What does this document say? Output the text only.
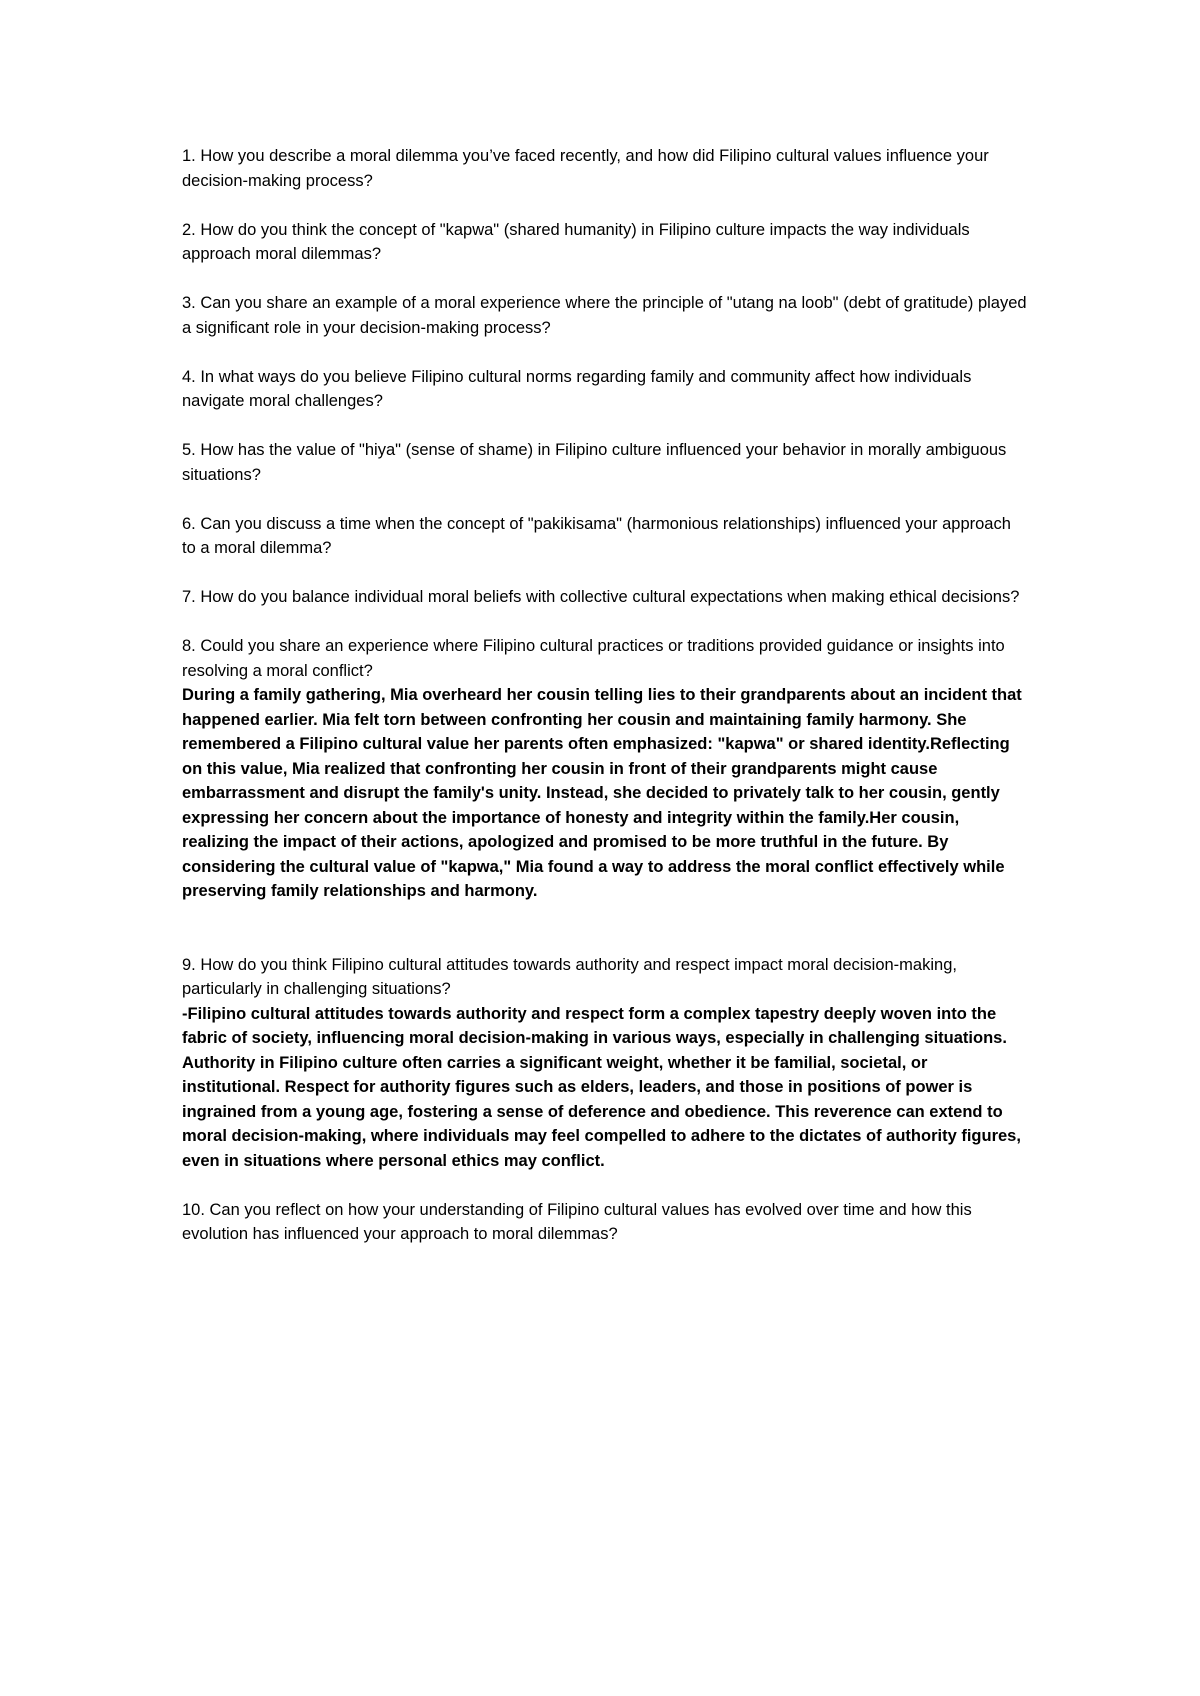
1. How you describe a moral dilemma you’ve faced recently, and how did Filipino cultural values influence your decision-making process?

2. How do you think the concept of "kapwa" (shared humanity) in Filipino culture impacts the way individuals approach moral dilemmas?

3. Can you share an example of a moral experience where the principle of "utang na loob" (debt of gratitude) played a significant role in your decision-making process?

4. In what ways do you believe Filipino cultural norms regarding family and community affect how individuals navigate moral challenges?

5. How has the value of "hiya" (sense of shame) in Filipino culture influenced your behavior in morally ambiguous situations?

6. Can you discuss a time when the concept of "pakikisama" (harmonious relationships) influenced your approach to a moral dilemma?

7. How do you balance individual moral beliefs with collective cultural expectations when making ethical decisions?

8. Could you share an experience where Filipino cultural practices or traditions provided guidance or insights into resolving a moral conflict?

During a family gathering, Mia overheard her cousin telling lies to their grandparents about an incident that happened earlier. Mia felt torn between confronting her cousin and maintaining family harmony. She remembered a Filipino cultural value her parents often emphasized: "kapwa" or shared identity.Reflecting on this value, Mia realized that confronting her cousin in front of their grandparents might cause embarrassment and disrupt the family's unity. Instead, she decided to privately talk to her cousin, gently expressing her concern about the importance of honesty and integrity within the family.Her cousin, realizing the impact of their actions, apologized and promised to be more truthful in the future. By considering the cultural value of "kapwa," Mia found a way to address the moral conflict effectively while preserving family relationships and harmony.

9. How do you think Filipino cultural attitudes towards authority and respect impact moral decision-making, particularly in challenging situations?

-Filipino cultural attitudes towards authority and respect form a complex tapestry deeply woven into the fabric of society, influencing moral decision-making in various ways, especially in challenging situations. Authority in Filipino culture often carries a significant weight, whether it be familial, societal, or institutional. Respect for authority figures such as elders, leaders, and those in positions of power is ingrained from a young age, fostering a sense of deference and obedience. This reverence can extend to moral decision-making, where individuals may feel compelled to adhere to the dictates of authority figures, even in situations where personal ethics may conflict.

10. Can you reflect on how your understanding of Filipino cultural values has evolved over time and how this evolution has influenced your approach to moral dilemmas?
